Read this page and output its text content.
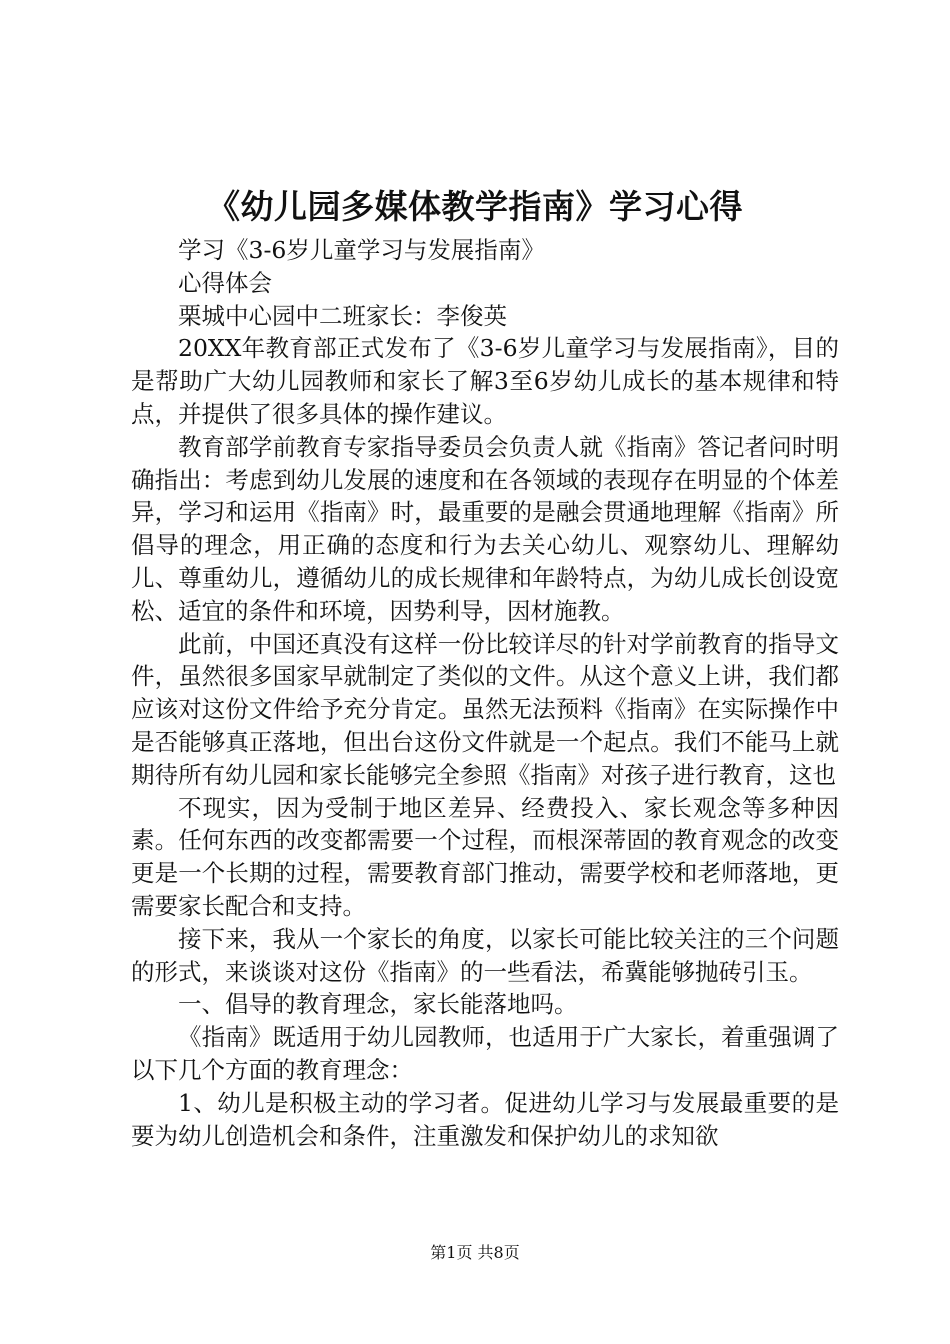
《幼儿园多媒体教学指南》学习心得

学习《3-6岁儿童学习与发展指南》

心得体会

栗城中心园中二班家长：李俊英

20XX年教育部正式发布了《3-6岁儿童学习与发展指南》，目的是帮助广大幼儿园教师和家长了解3至6岁幼儿成长的基本规律和特点，并提供了很多具体的操作建议。

教育部学前教育专家指导委员会负责人就《指南》答记者问时明确指出：考虑到幼儿发展的速度和在各领域的表现存在明显的个体差异，学习和运用《指南》时，最重要的是融会贯通地理解《指南》所倡导的理念，用正确的态度和行为去关心幼儿、观察幼儿、理解幼儿、尊重幼儿，遵循幼儿的成长规律和年龄特点，为幼儿成长创设宽松、适宜的条件和环境，因势利导，因材施教。

此前，中国还真没有这样一份比较详尽的针对学前教育的指导文件，虽然很多国家早就制定了类似的文件。从这个意义上讲，我们都应该对这份文件给予充分肯定。虽然无法预料《指南》在实际操作中是否能够真正落地，但出台这份文件就是一个起点。我们不能马上就期待所有幼儿园和家长能够完全参照《指南》对孩子进行教育，这也

不现实，因为受制于地区差异、经费投入、家长观念等多种因素。任何东西的改变都需要一个过程，而根深蒂固的教育观念的改变更是一个长期的过程，需要教育部门推动，需要学校和老师落地，更需要家长配合和支持。

接下来，我从一个家长的角度，以家长可能比较关注的三个问题的形式，来谈谈对这份《指南》的一些看法，希冀能够抛砖引玉。

一、倡导的教育理念，家长能落地吗。

《指南》既适用于幼儿园教师，也适用于广大家长，着重强调了以下几个方面的教育理念：

1、幼儿是积极主动的学习者。促进幼儿学习与发展最重要的是要为幼儿创造机会和条件，注重激发和保护幼儿的求知欲

第1页 共8页
